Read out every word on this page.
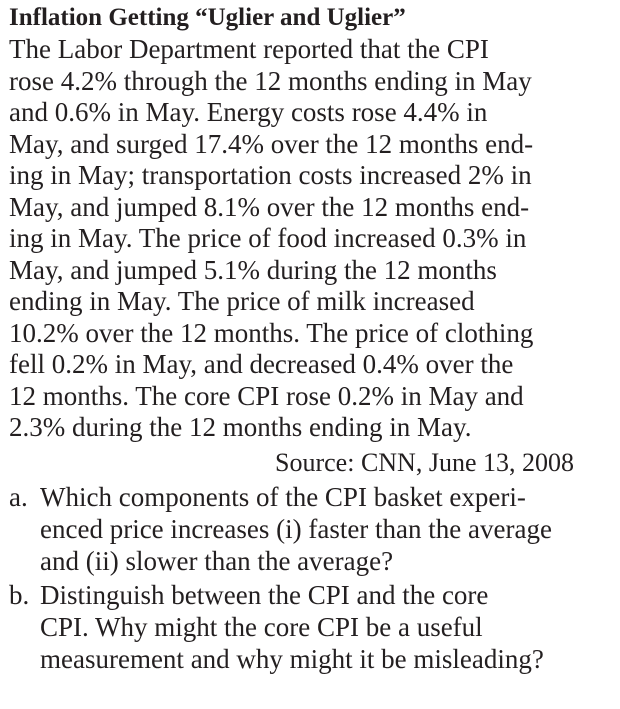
Inflation Getting “Uglier and Uglier”

The Labor Department reported that the CPI

rose 4.2% through the 12 months ending in May

and 0.6% in May. Energy costs rose 4.4% in

May, and surged 17.4% over the 12 months end-

ing in May; transportation costs increased 2% in

May, and jumped 8.1% over the 12 months end-

ing in May. The price of food increased 0.3% in

May, and jumped 5.1% during the 12 months

ending in May. The price of milk increased

10.2% over the 12 months. The price of clothing

fell 0.2% in May, and decreased 0.4% over the

12 months. The core CPI rose 0.2% in May and

2.3% during the 12 months ending in May.

Source: CNN, June 13, 2008
a. Which components of the CPI basket experi-

enced price increases (i) faster than the average

and (ii) slower than the average?

b. Distinguish between the CPI and the core

CPI. Why might the core CPI be a useful

measurement and why might it be misleading?
